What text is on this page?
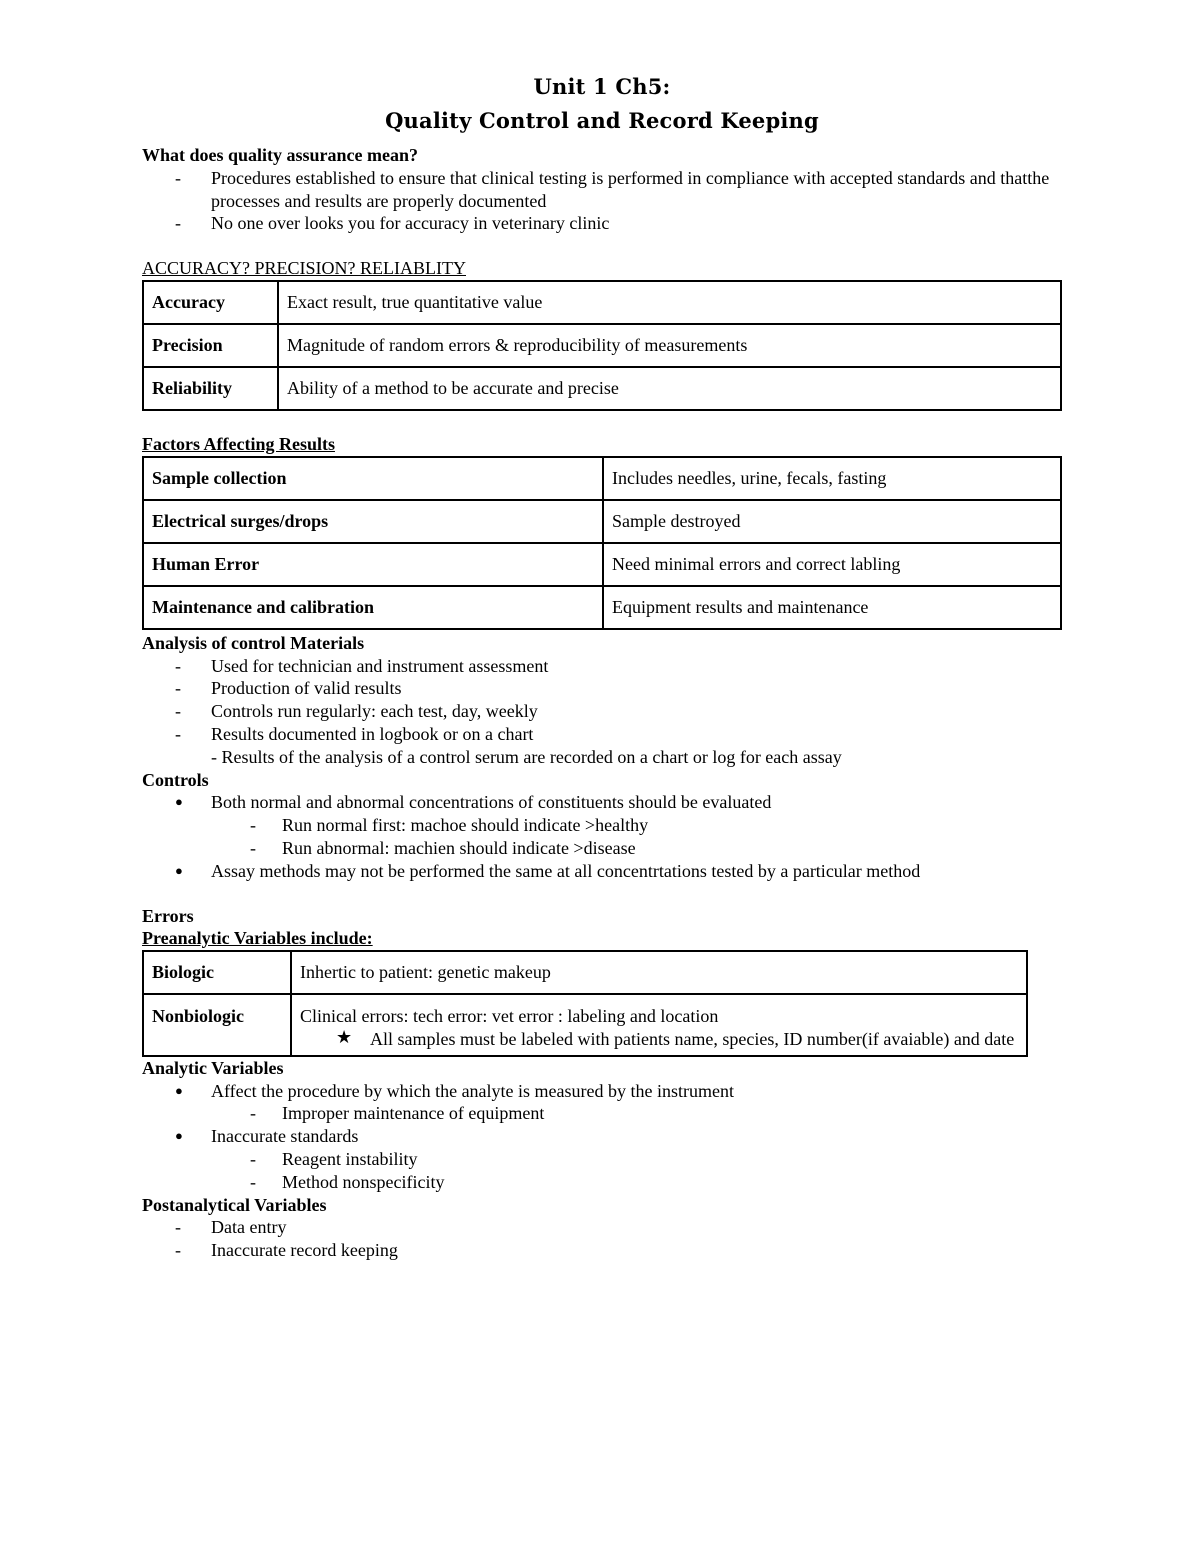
Unit 1 Ch5:
Quality Control and Record Keeping
What does quality assurance mean?
- Procedures established to ensure that clinical testing is performed in compliance with accepted standards and thatthe processes and results are properly documented
- No one over looks you for accuracy in veterinary clinic
ACCURACY? PRECISION? RELIABLITY
Accuracy	Exact result, true quantitative value
Precision	Magnitude of random errors & reproducibility of measurements
Reliability	Ability of a method to be accurate and precise
Factors Affecting Results
Sample collection	Includes needles, urine, fecals, fasting
Electrical surges/drops	Sample destroyed
Human Error	Need minimal errors and correct labling
Maintenance and calibration	Equipment results and maintenance
Analysis of control Materials
- Used for technician and instrument assessment
- Production of valid results
- Controls run regularly: each test, day, weekly
- Results documented in logbook or on a chart
- Results of the analysis of a control serum are recorded on a chart or log for each assay
Controls
● Both normal and abnormal concentrations of constituents should be evaluated
- Run normal first: machoe should indicate >healthy
- Run abnormal: machien should indicate >disease
● Assay methods may not be performed the same at all concentrtations tested by a particular method
Errors
Preanalytic Variables include:
Biologic	Inhertic to patient: genetic makeup
Nonbiologic	Clinical errors: tech error: vet error : labeling and location
★ All samples must be labeled with patients name, species, ID number(if avaiable) and date
Analytic Variables
● Affect the procedure by which the analyte is measured by the instrument
- Improper maintenance of equipment
● Inaccurate standards
- Reagent instability
- Method nonspecificity
Postanalytical Variables
- Data entry
- Inaccurate record keeping
